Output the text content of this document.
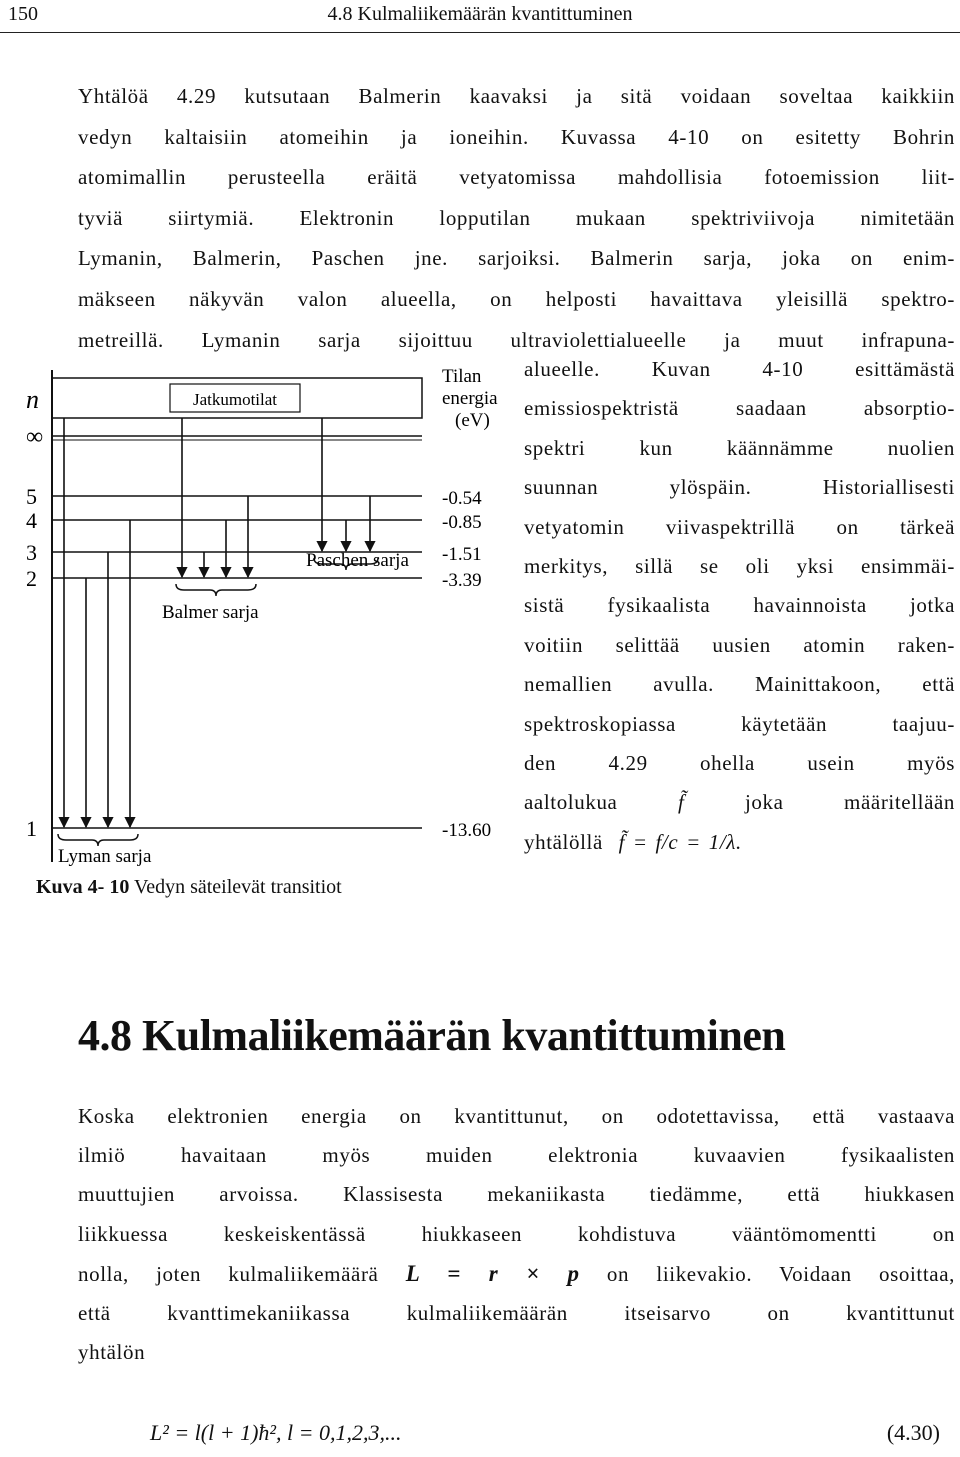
150	4.8 Kulmaliikemäärän kvantittuminen
Yhtälöä 4.29 kutsutaan Balmerin kaavaksi ja sitä voidaan soveltaa kaikkiin
vedyn kaltaisiin atomeihin ja ioneihin. Kuvassa 4-10 on esitetty Bohrin
atomimallin perusteella eräitä vetyatomissa mahdollisia fotoemission liit-
tyviä siirtymiä. Elektronin lopputilan mukaan spektriviivoja nimitetään
Lymanin, Balmerin, Paschen jne. sarjoiksi. Balmerin sarja, joka on enim-
mäkseen näkyvän valon alueella, on helposti havaittava yleisillä spektro-
metreillä. Lymanin sarja sijoittuu ultraviolettialueelle ja muut infrapuna-
alueelle. Kuvan 4-10 esittämästä
emissiospektristä saadaan absorptio-
spektri kun käännämme nuolien
suunnan ylöspäin. Historiallisesti
vetyatomin viivaspektrillä on tärkeä
merkitys, sillä se oli yksi ensimmäi-
sistä fysikaalista havainnoista jotka
voitiin selittää uusien atomin raken-
nemallien avulla. Mainittakoon, että
spektroskopiassa käytetään taajuu-
den 4.29 ohella usein myös
aaltolukua	f̃	joka määritellään
yhtälöllä f̃ = f/c = 1/λ.
Jatkumotilat
Tilan
energia
(eV)
n
∞
5	-0.54
4	-0.85
3	-1.51
2	-3.39
1	-13.60
Lyman sarja
Balmer sarja
Paschen sarja
Kuva 4- 10 Vedyn säteilevät transitiot
4.8 Kulmaliikemäärän kvantittuminen
Koska elektronien energia on kvantittunut, on odotettavissa, että vastaava
ilmiö havaitaan myös muiden elektronia kuvaavien fysikaalisten
muuttujien arvoissa. Klassisesta mekaniikasta tiedämme, että hiukkasen
liikkuessa keskeiskentässä hiukkaseen kohdistuva vääntömomentti on
nolla, joten kulmaliikemäärä L = r × p on liikevakio. Voidaan osoittaa,
että kvanttimekaniikassa kulmaliikemäärän itseisarvo on kvantittunut
yhtälön
L² = l(l + 1)ħ², l = 0,1,2,3,...	(4.30)
